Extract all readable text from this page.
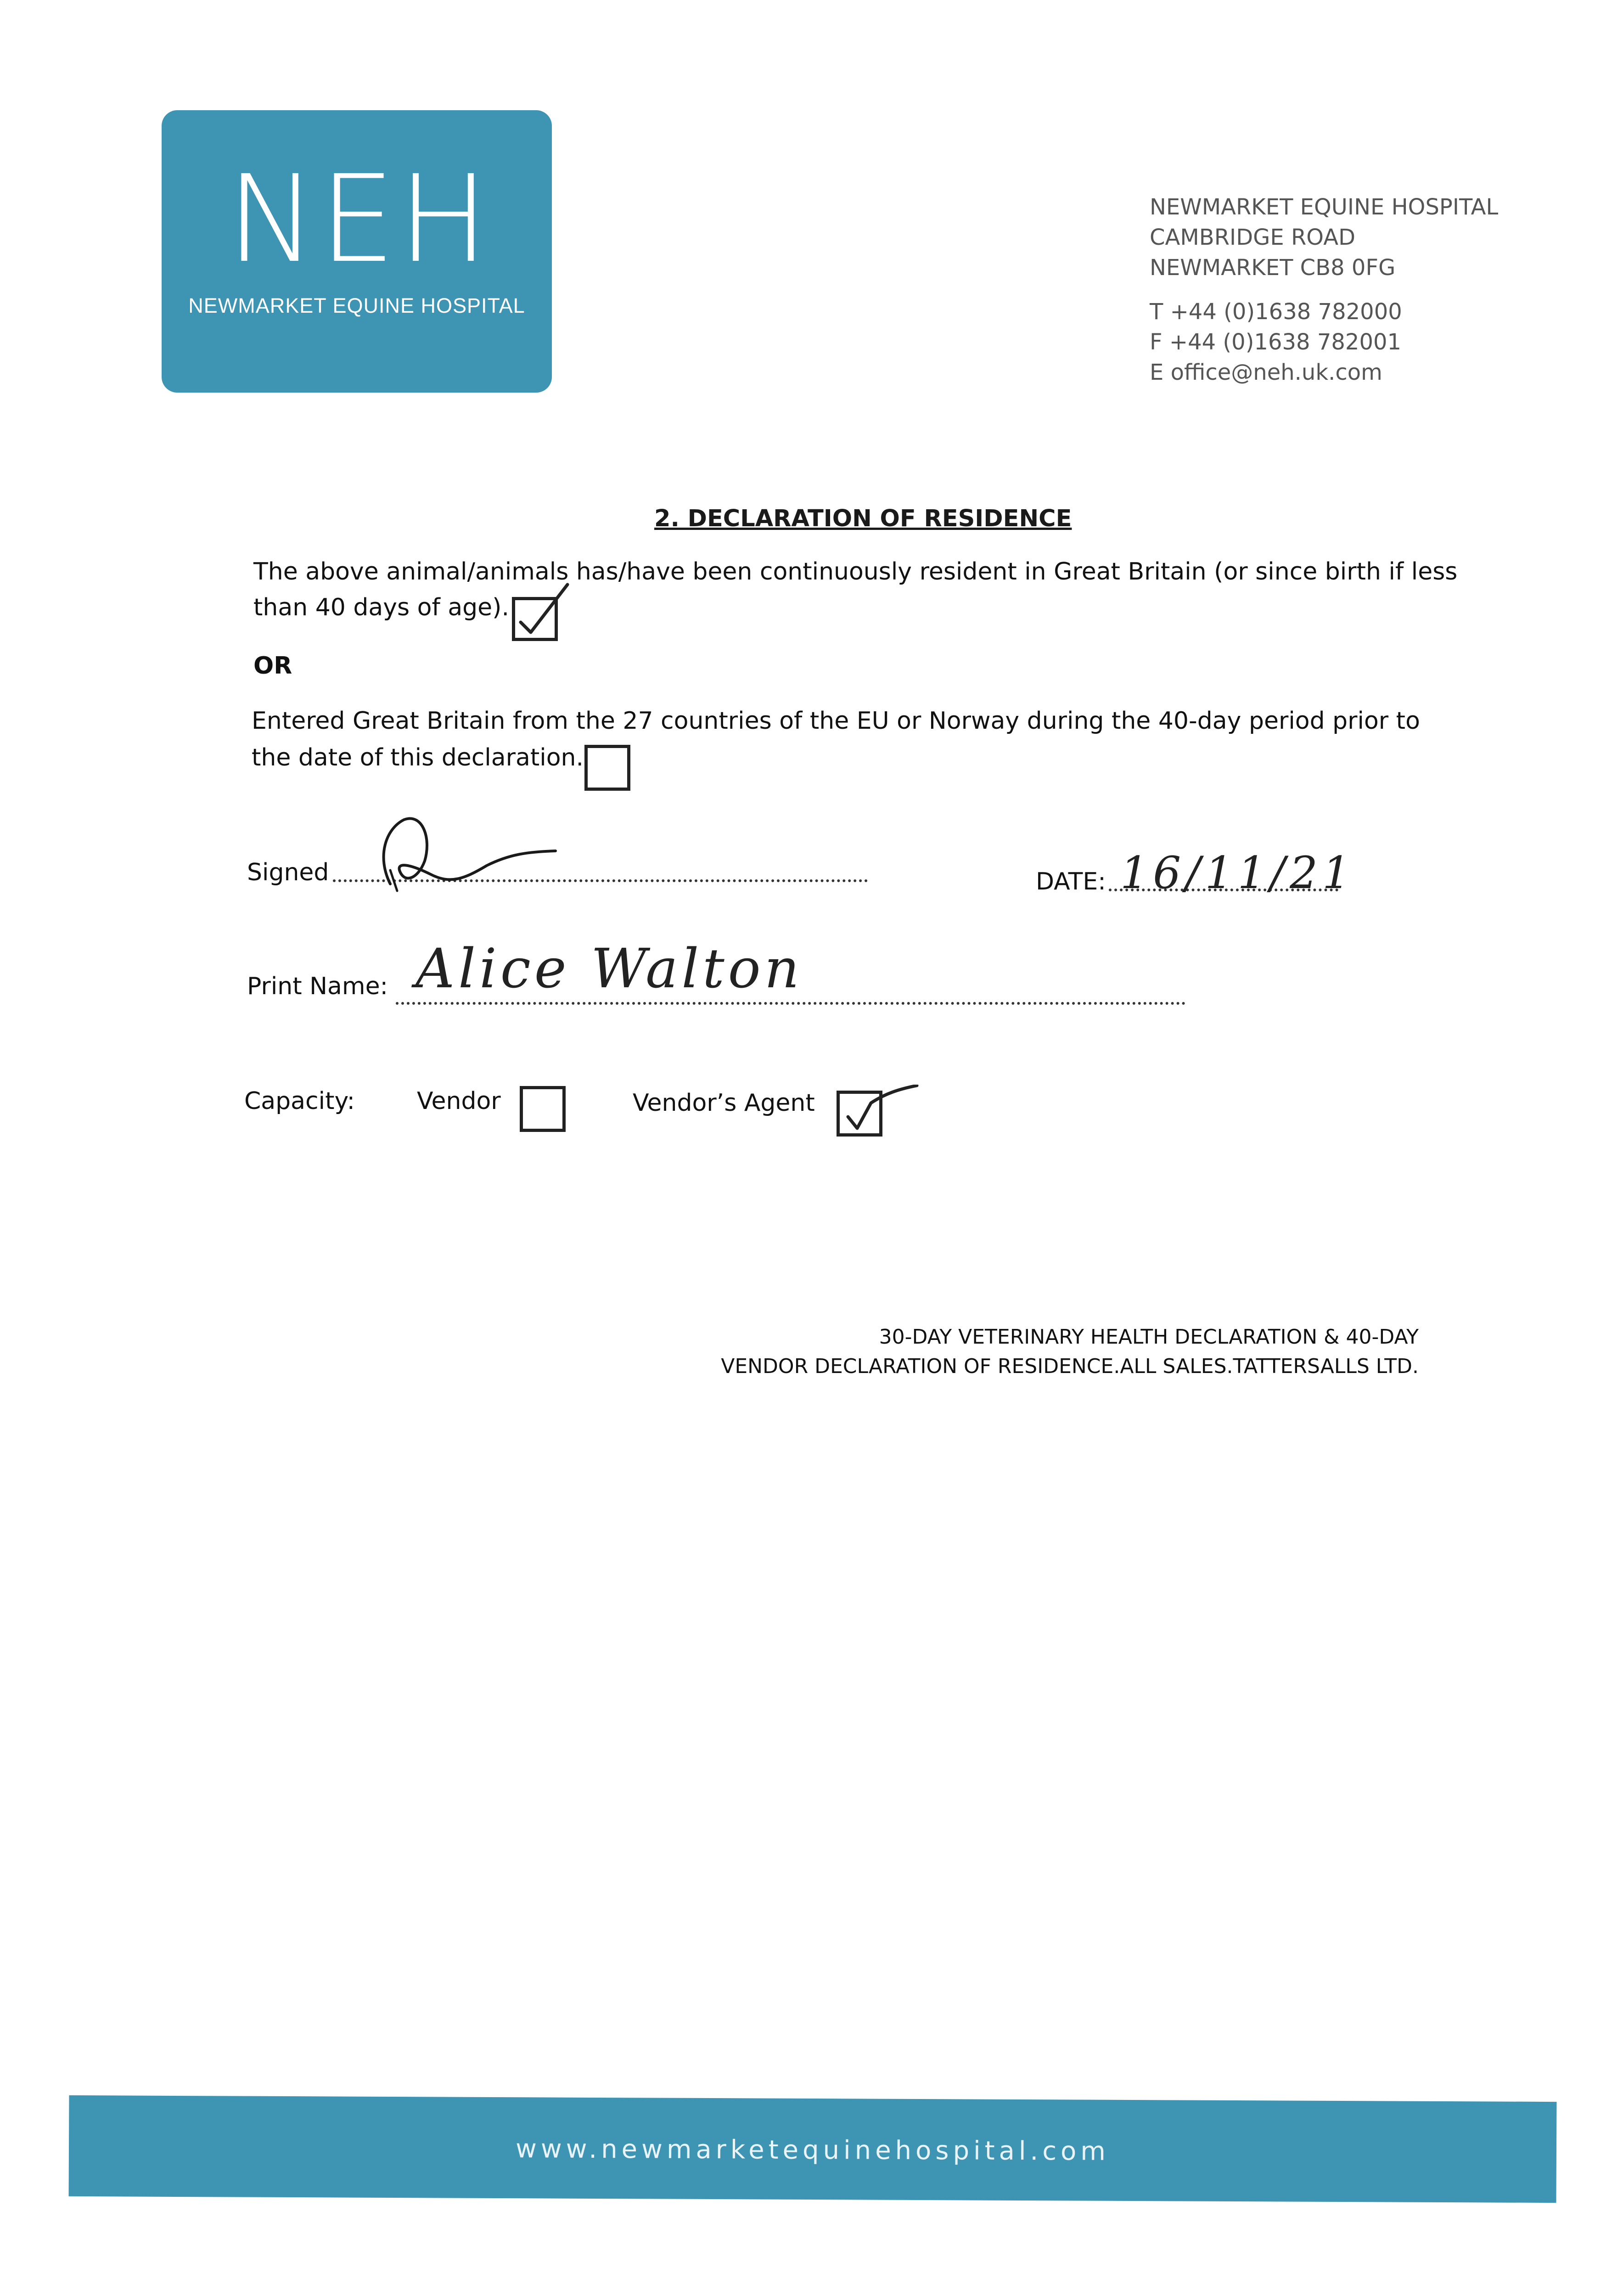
NEH
NEWMARKET EQUINE HOSPITAL
NEWMARKET EQUINE HOSPITAL
CAMBRIDGE ROAD
NEWMARKET CB8 0FG
T +44 (0)1638 782000
F +44 (0)1638 782001
E office@neh.uk.com
2. DECLARATION OF RESIDENCE
The above animal/animals has/have been continuously resident in Great Britain (or since birth if less
than 40 days of age).
OR
Entered Great Britain from the 27 countries of the EU or Norway during the 40-day period prior to
the date of this declaration.
Signed	DATE: 16/11/21
Print Name: Alice Walton
Capacity:	Vendor	Vendor’s Agent
30-DAY VETERINARY HEALTH DECLARATION & 40-DAY
VENDOR DECLARATION OF RESIDENCE.ALL SALES.TATTERSALLS LTD.
www.newmarketequinehospital.com
